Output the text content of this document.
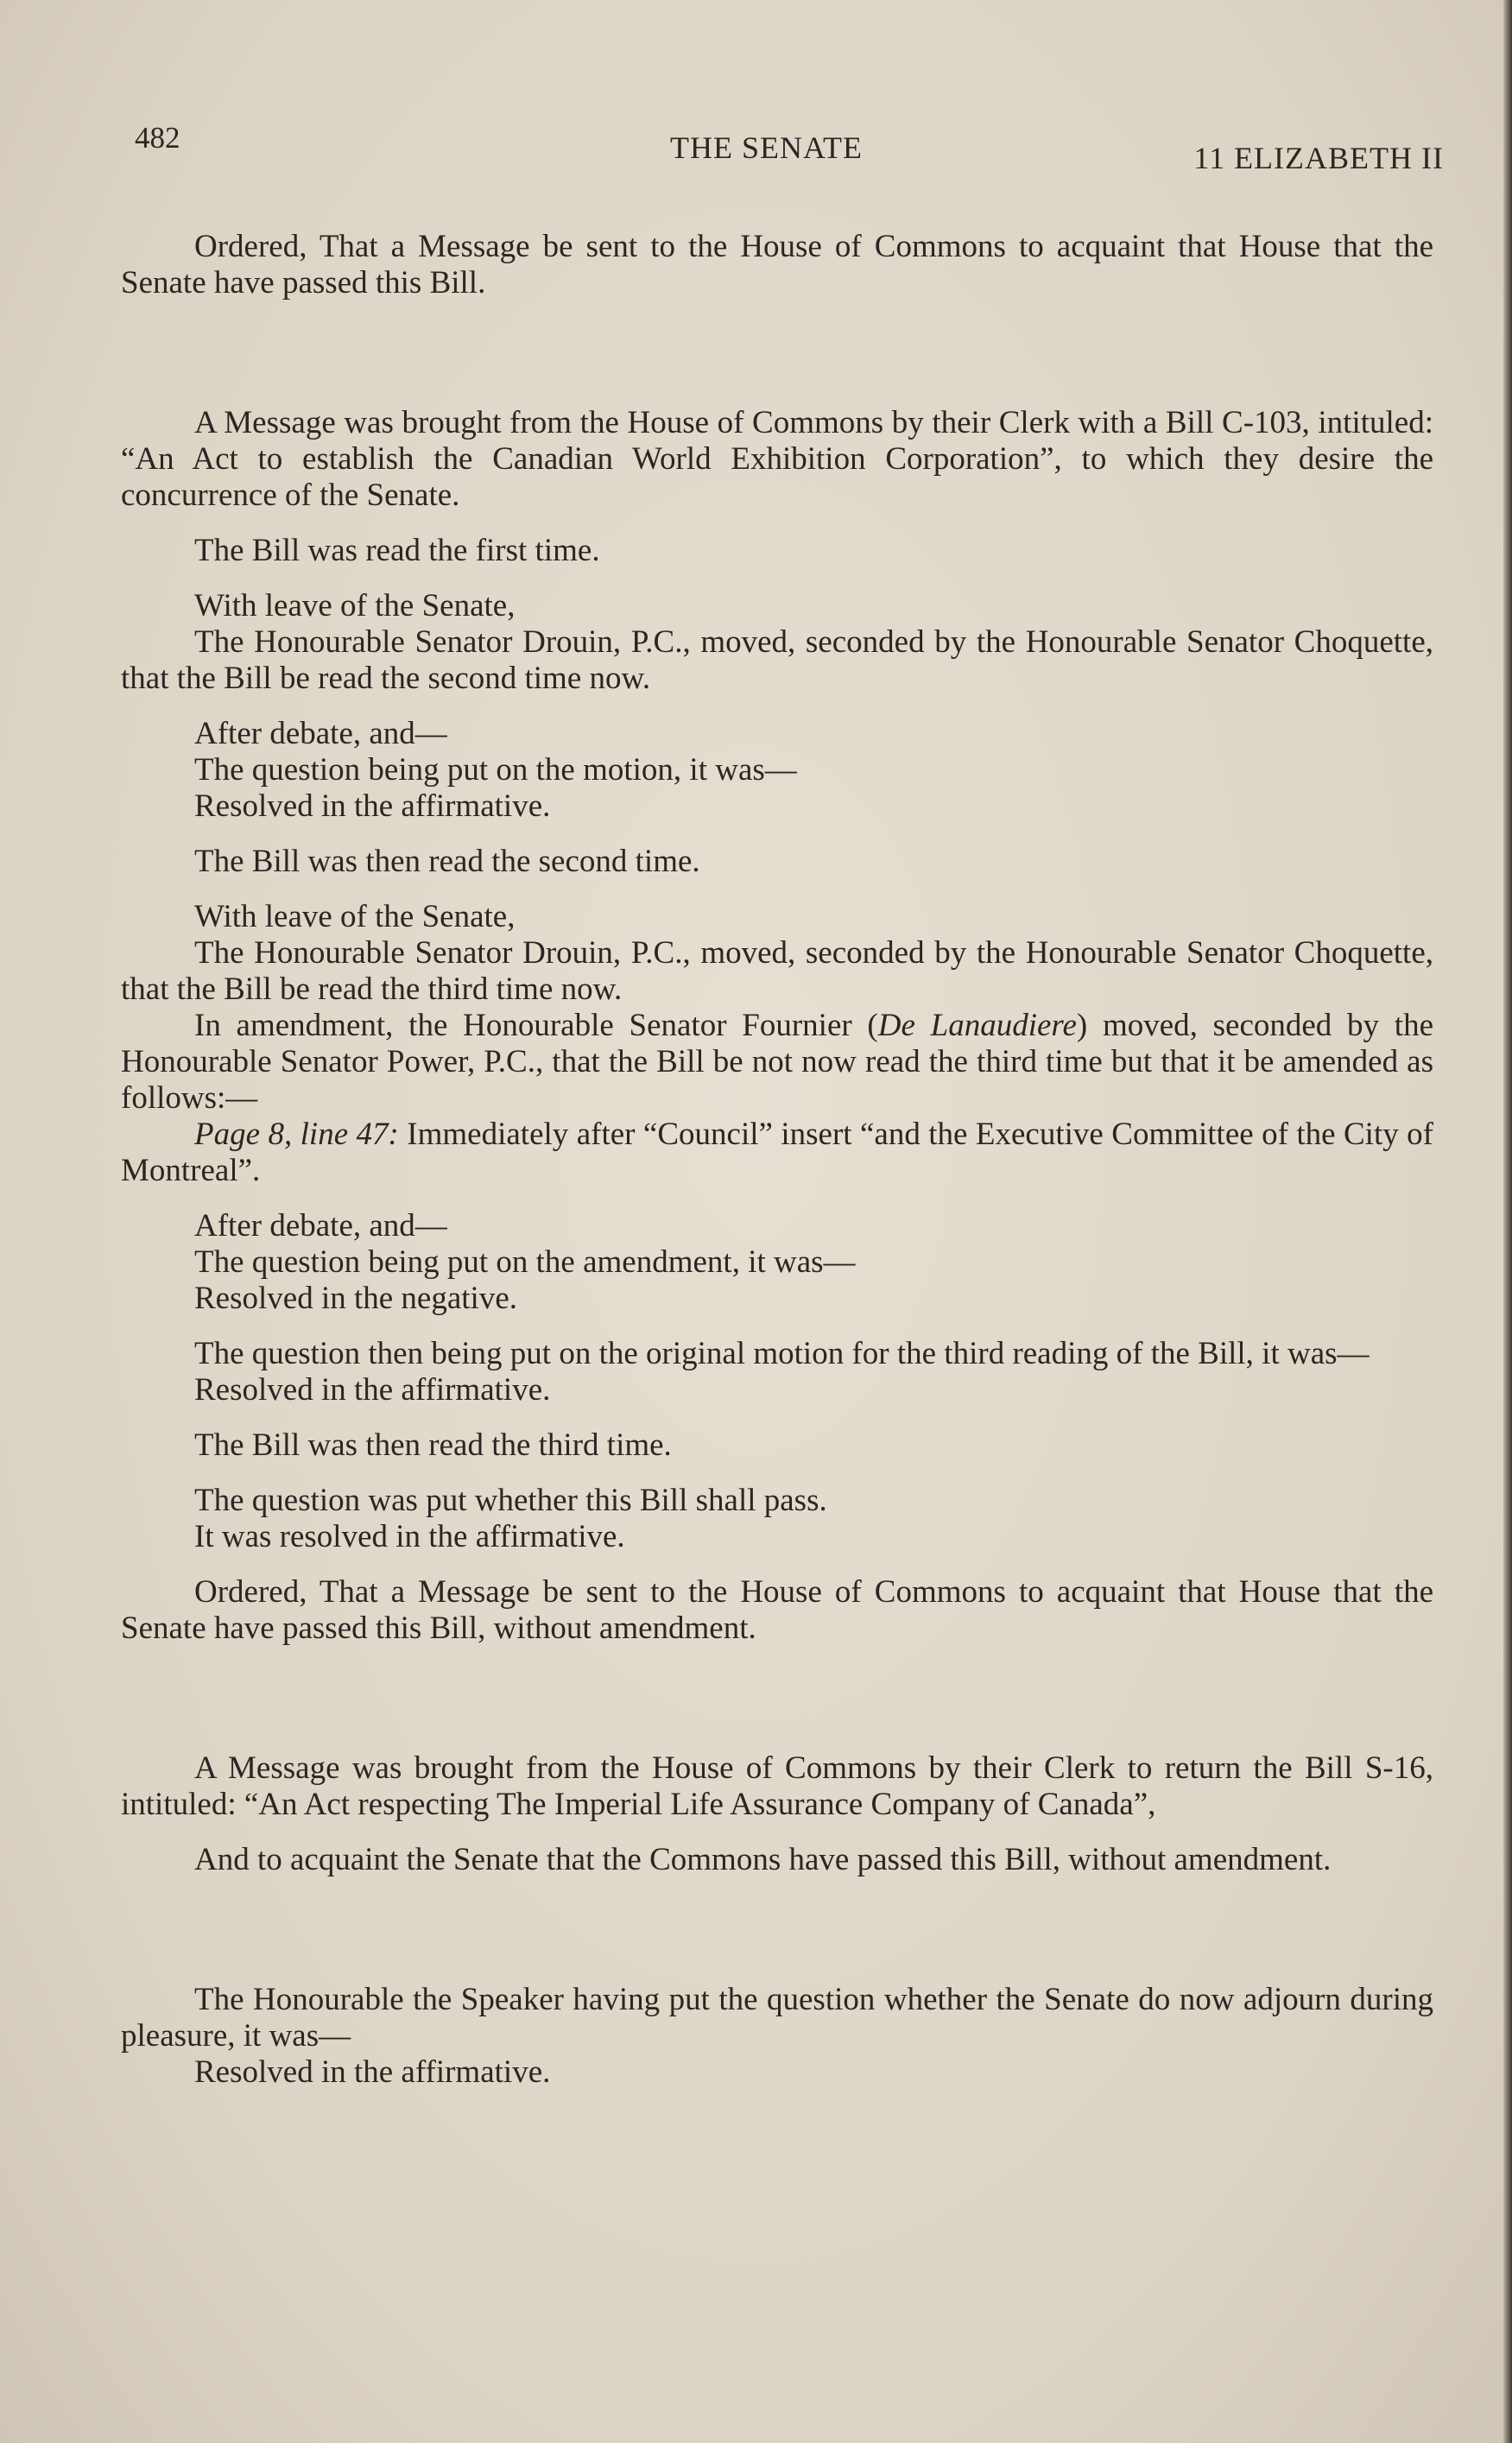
482	THE SENATE	11 ELIZABETH II

Ordered, That a Message be sent to the House of Commons to acquaint that House that the Senate have passed this Bill.

A Message was brought from the House of Commons by their Clerk with a Bill C-103, intituled: “An Act to establish the Canadian World Exhibition Corporation”, to which they desire the concurrence of the Senate.

The Bill was read the first time.

With leave of the Senate,

The Honourable Senator Drouin, P.C., moved, seconded by the Honourable Senator Choquette, that the Bill be read the second time now.

After debate, and—

The question being put on the motion, it was—

Resolved in the affirmative.

The Bill was then read the second time.

With leave of the Senate,

The Honourable Senator Drouin, P.C., moved, seconded by the Honourable Senator Choquette, that the Bill be read the third time now.

In amendment, the Honourable Senator Fournier (De Lanaudiere) moved, seconded by the Honourable Senator Power, P.C., that the Bill be not now read the third time but that it be amended as follows:—

Page 8, line 47: Immediately after “Council” insert “and the Executive Committee of the City of Montreal”.

After debate, and—

The question being put on the amendment, it was—

Resolved in the negative.

The question then being put on the original motion for the third reading of the Bill, it was—

Resolved in the affirmative.

The Bill was then read the third time.

The question was put whether this Bill shall pass.

It was resolved in the affirmative.

Ordered, That a Message be sent to the House of Commons to acquaint that House that the Senate have passed this Bill, without amendment.

A Message was brought from the House of Commons by their Clerk to return the Bill S-16, intituled: “An Act respecting The Imperial Life Assurance Company of Canada”,

And to acquaint the Senate that the Commons have passed this Bill, without amendment.

The Honourable the Speaker having put the question whether the Senate do now adjourn during pleasure, it was—

Resolved in the affirmative.
